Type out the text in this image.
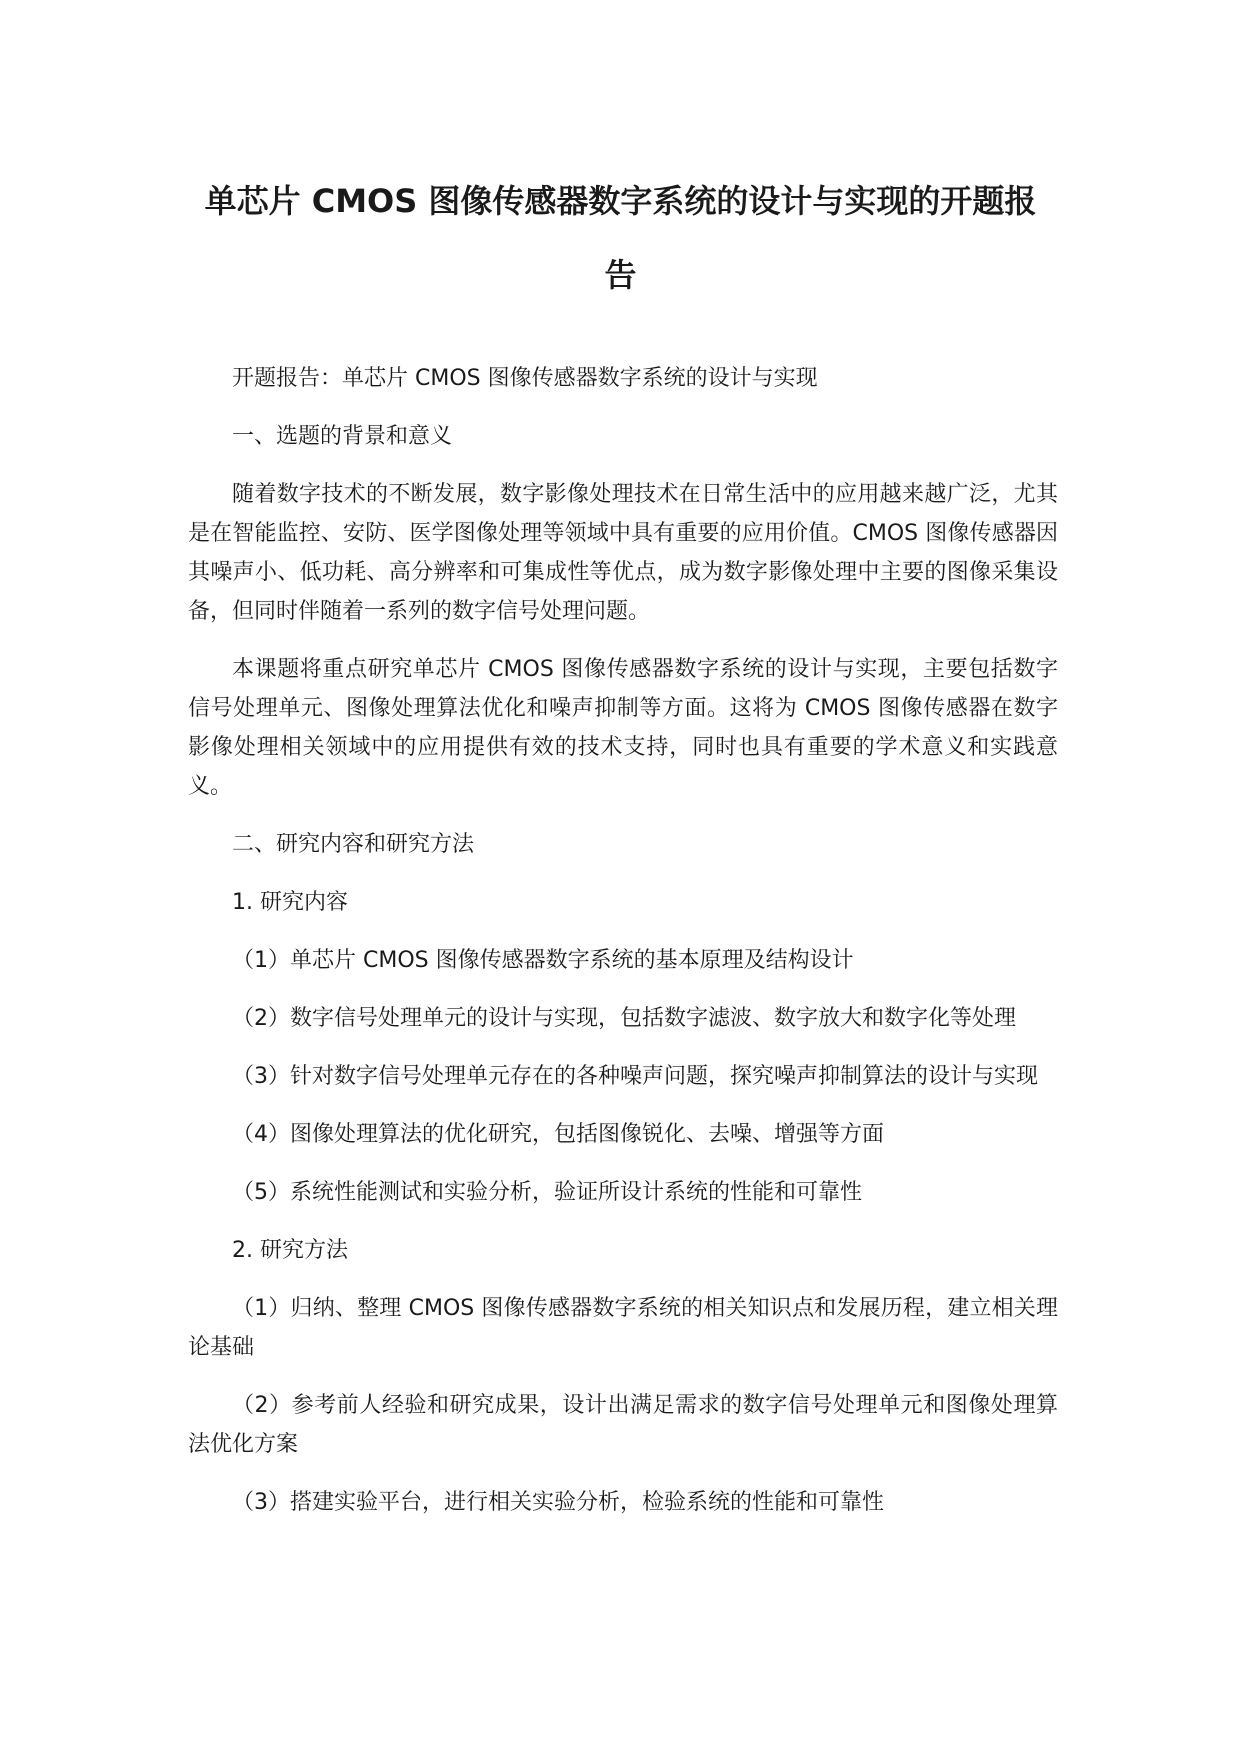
单芯片 CMOS 图像传感器数字系统的设计与实现的开题报
告

开题报告：单芯片 CMOS 图像传感器数字系统的设计与实现

一、选题的背景和意义

随着数字技术的不断发展，数字影像处理技术在日常生活中的应用越来越广泛，尤其是在智能监控、安防、医学图像处理等领域中具有重要的应用价值。CMOS 图像传感器因其噪声小、低功耗、高分辨率和可集成性等优点，成为数字影像处理中主要的图像采集设备，但同时伴随着一系列的数字信号处理问题。

本课题将重点研究单芯片 CMOS 图像传感器数字系统的设计与实现，主要包括数字信号处理单元、图像处理算法优化和噪声抑制等方面。这将为 CMOS 图像传感器在数字影像处理相关领域中的应用提供有效的技术支持，同时也具有重要的学术意义和实践意义。

二、研究内容和研究方法

1. 研究内容

（1）单芯片 CMOS 图像传感器数字系统的基本原理及结构设计

（2）数字信号处理单元的设计与实现，包括数字滤波、数字放大和数字化等处理

（3）针对数字信号处理单元存在的各种噪声问题，探究噪声抑制算法的设计与实现

（4）图像处理算法的优化研究，包括图像锐化、去噪、增强等方面

（5）系统性能测试和实验分析，验证所设计系统的性能和可靠性

2. 研究方法

（1）归纳、整理 CMOS 图像传感器数字系统的相关知识点和发展历程，建立相关理论基础

（2）参考前人经验和研究成果，设计出满足需求的数字信号处理单元和图像处理算法优化方案

（3）搭建实验平台，进行相关实验分析，检验系统的性能和可靠性
